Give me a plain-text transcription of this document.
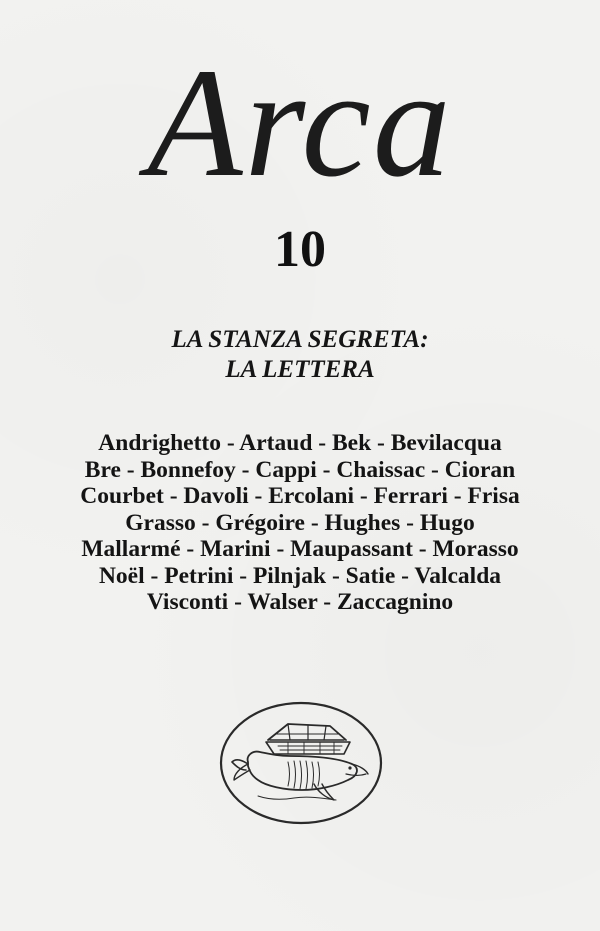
Arca
10
LA STANZA SEGRETA:
LA LETTERA
Andrighetto - Artaud - Bek - Bevilacqua
Bre - Bonnefoy - Cappi - Chaissac - Cioran
Courbet - Davoli - Ercolani - Ferrari - Frisa
Grasso - Grégoire - Hughes - Hugo
Mallarmé - Marini - Maupassant - Morasso
Noël - Petrini - Pilnjak - Satie - Valcalda
Visconti - Walser - Zaccagnino
